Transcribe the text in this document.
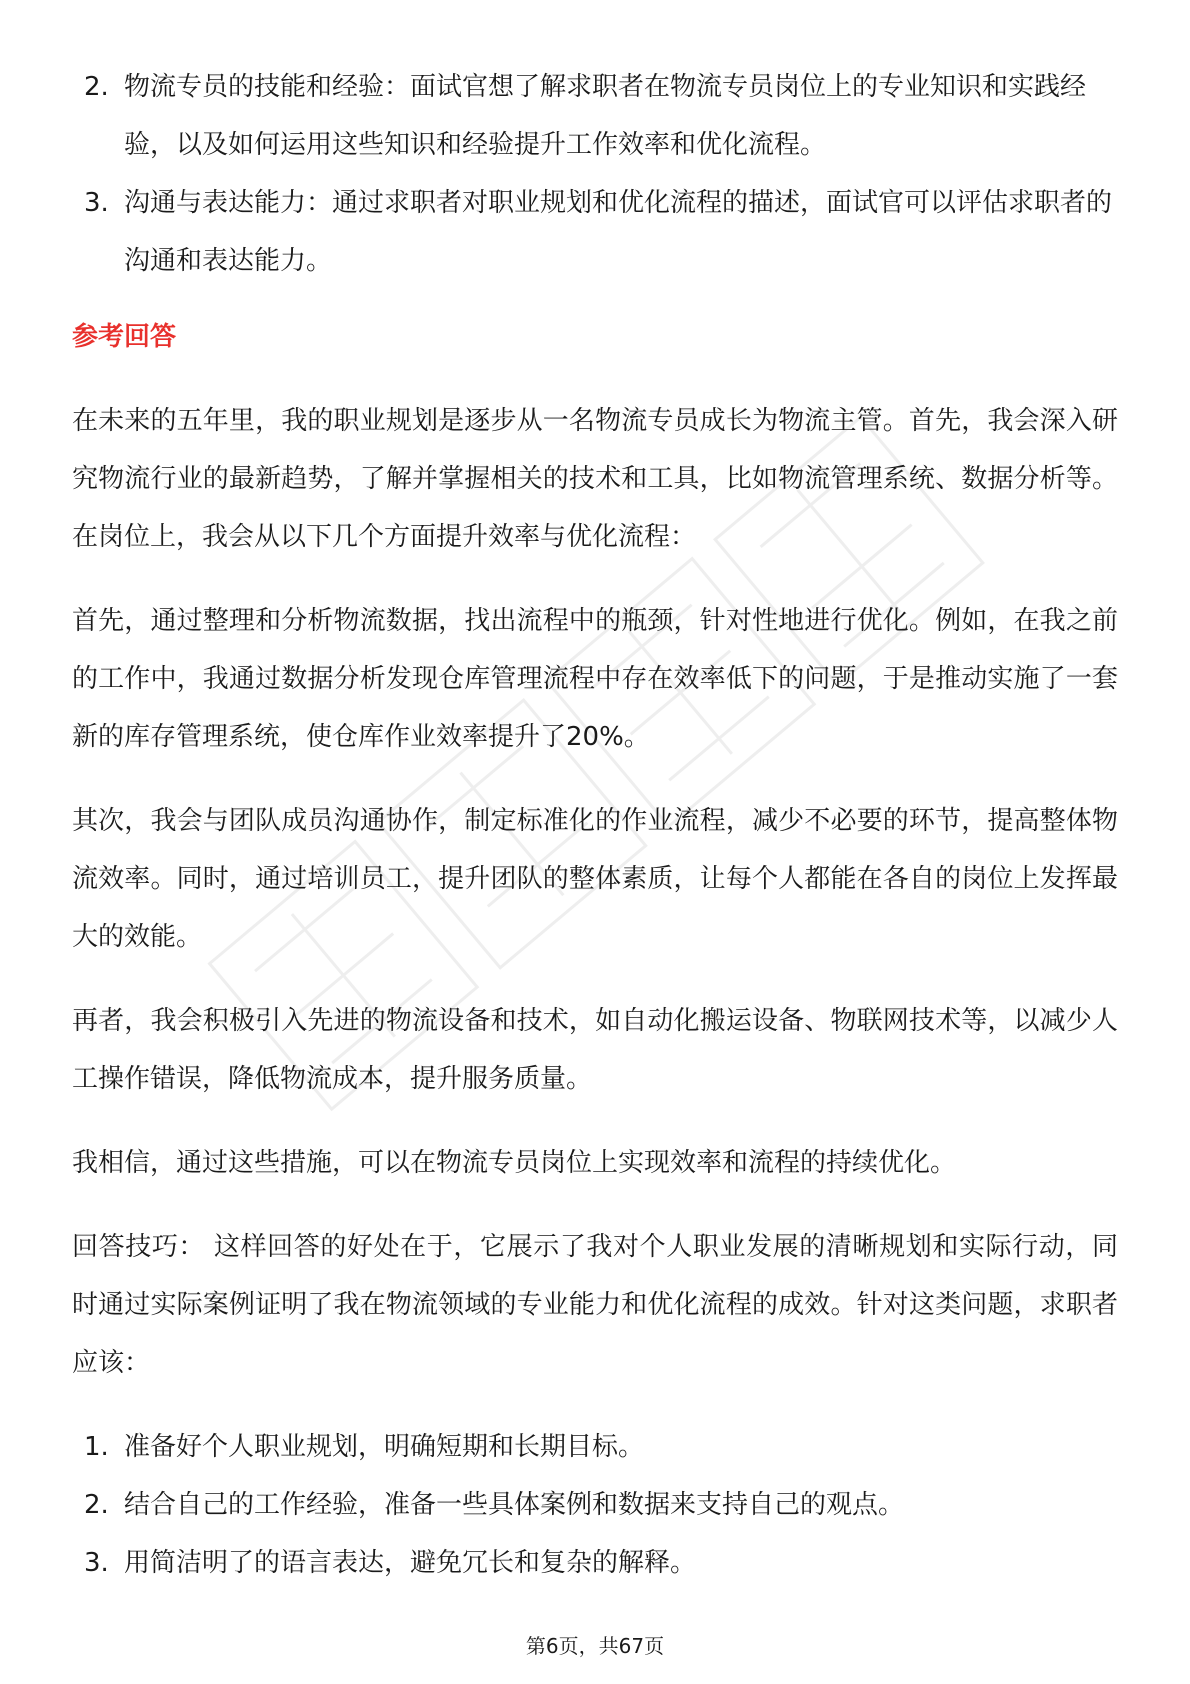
2. 物流专员的技能和经验：面试官想了解求职者在物流专员岗位上的专业知识和实践经验，以及如何运用这些知识和经验提升工作效率和优化流程。
3. 沟通与表达能力：通过求职者对职业规划和优化流程的描述，面试官可以评估求职者的沟通和表达能力。
参考回答

在未来的五年里，我的职业规划是逐步从一名物流专员成长为物流主管。首先，我会深入研究物流行业的最新趋势，了解并掌握相关的技术和工具，比如物流管理系统、数据分析等。在岗位上，我会从以下几个方面提升效率与优化流程：

首先，通过整理和分析物流数据，找出流程中的瓶颈，针对性地进行优化。例如，在我之前的工作中，我通过数据分析发现仓库管理流程中存在效率低下的问题，于是推动实施了一套新的库存管理系统，使仓库作业效率提升了20%。

其次，我会与团队成员沟通协作，制定标准化的作业流程，减少不必要的环节，提高整体物流效率。同时，通过培训员工，提升团队的整体素质，让每个人都能在各自的岗位上发挥最大的效能。

再者，我会积极引入先进的物流设备和技术，如自动化搬运设备、物联网技术等，以减少人工操作错误，降低物流成本，提升服务质量。

我相信，通过这些措施，可以在物流专员岗位上实现效率和流程的持续优化。

回答技巧： 这样回答的好处在于，它展示了我对个人职业发展的清晰规划和实际行动，同时通过实际案例证明了我在物流领域的专业能力和优化流程的成效。针对这类问题，求职者应该：

1. 准备好个人职业规划，明确短期和长期目标。
2. 结合自己的工作经验，准备一些具体案例和数据来支持自己的观点。
3. 用简洁明了的语言表达，避免冗长和复杂的解释。
第6页，共67页
